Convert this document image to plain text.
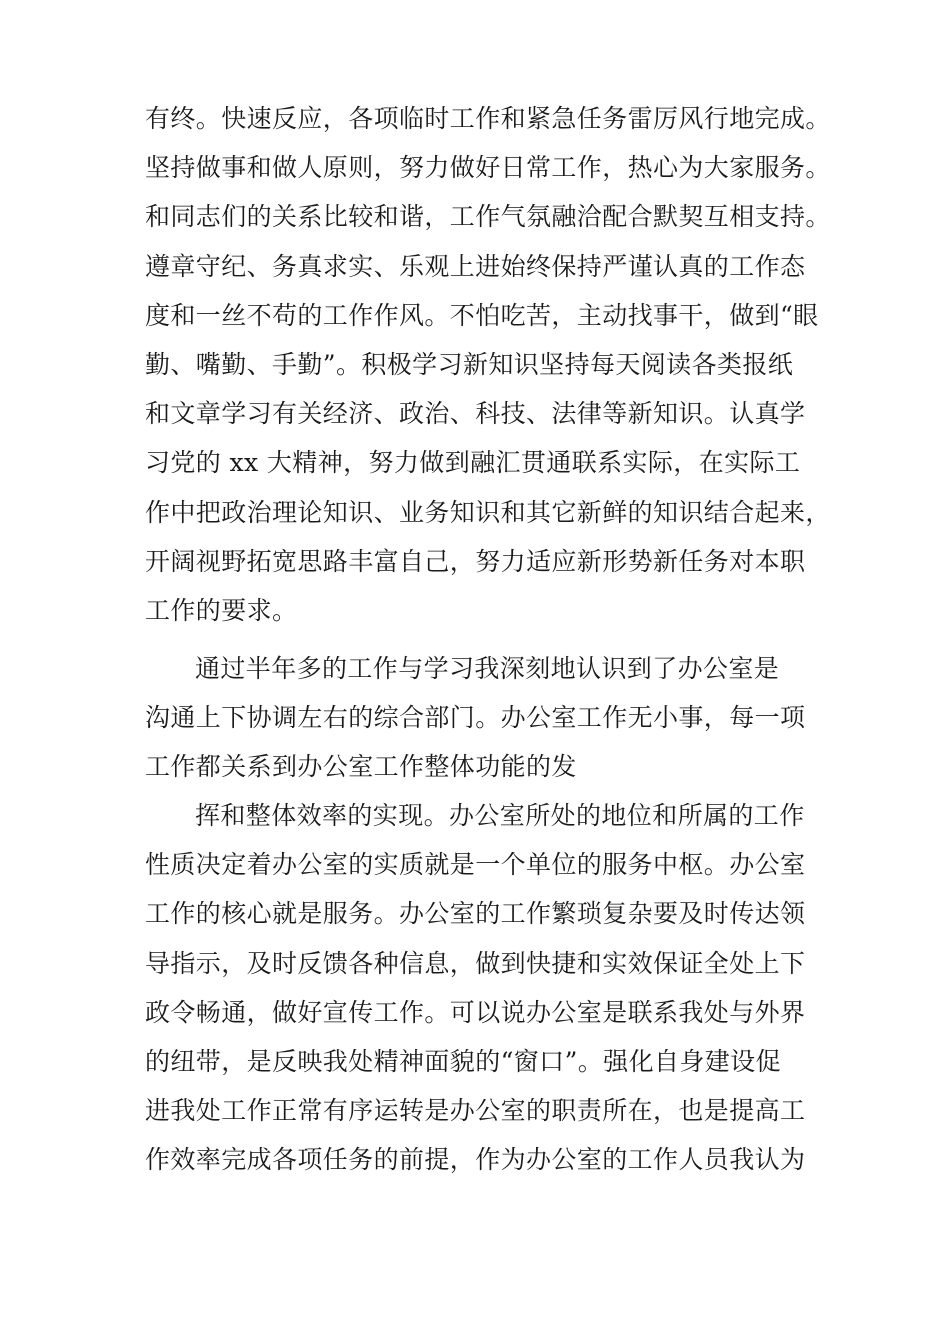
有终。快速反应，各项临时工作和紧急任务雷厉风行地完成。
坚持做事和做人原则，努力做好日常工作，热心为大家服务。
和同志们的关系比较和谐，工作气氛融洽配合默契互相支持。
遵章守纪、务真求实、乐观上进始终保持严谨认真的工作态
度和一丝不苟的工作作风。不怕吃苦，主动找事干，做到“眼
勤、嘴勤、手勤”。积极学习新知识坚持每天阅读各类报纸
和文章学习有关经济、政治、科技、法律等新知识。认真学
习党的 xx 大精神，努力做到融汇贯通联系实际，在实际工
作中把政治理论知识、业务知识和其它新鲜的知识结合起来，
开阔视野拓宽思路丰富自己，努力适应新形势新任务对本职
工作的要求。
通过半年多的工作与学习我深刻地认识到了办公室是
沟通上下协调左右的综合部门。办公室工作无小事，每一项
工作都关系到办公室工作整体功能的发
挥和整体效率的实现。办公室所处的地位和所属的工作
性质决定着办公室的实质就是一个单位的服务中枢。办公室
工作的核心就是服务。办公室的工作繁琐复杂要及时传达领
导指示，及时反馈各种信息，做到快捷和实效保证全处上下
政令畅通，做好宣传工作。可以说办公室是联系我处与外界
的纽带，是反映我处精神面貌的“窗口”。强化自身建设促
进我处工作正常有序运转是办公室的职责所在，也是提高工
作效率完成各项任务的前提，作为办公室的工作人员我认为
